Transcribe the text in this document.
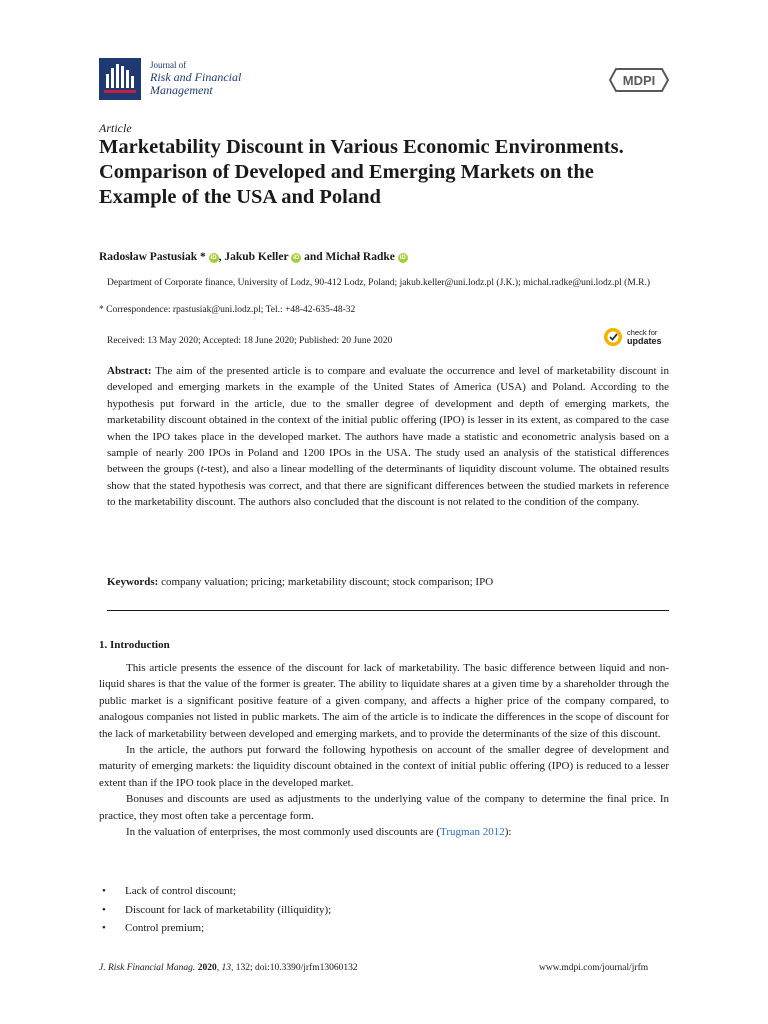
Journal of
Risk and Financial
Management
MDPI
Article
Marketability Discount in Various Economic Environments. Comparison of Developed and Emerging Markets on the Example of the USA and Poland
Radosław Pastusiak * iD , Jakub Keller iD and Michał Radke iD
Department of Corporate finance, University of Lodz, 90-412 Lodz, Poland; jakub.keller@uni.lodz.pl (J.K.); michal.radke@uni.lodz.pl (M.R.)
* Correspondence: rpastusiak@uni.lodz.pl; Tel.: +48-42-635-48-32
Received: 13 May 2020; Accepted: 18 June 2020; Published: 20 June 2020
check for
updates
Abstract: The aim of the presented article is to compare and evaluate the occurrence and level of marketability discount in developed and emerging markets in the example of the United States of America (USA) and Poland. According to the hypothesis put forward in the article, due to the smaller degree of development and depth of emerging markets, the marketability discount obtained in the context of the initial public offering (IPO) is lesser in its extent, as compared to the case when the IPO takes place in the developed market. The authors have made a statistic and econometric analysis based on a sample of nearly 200 IPOs in Poland and 1200 IPOs in the USA. The study used an analysis of the statistical differences between the groups (t-test), and also a linear modelling of the determinants of liquidity discount volume. The obtained results show that the stated hypothesis was correct, and that there are significant differences between the studied markets in reference to the marketability discount. The authors also concluded that the discount is not related to the condition of the company.
Keywords: company valuation; pricing; marketability discount; stock comparison; IPO
1. Introduction

This article presents the essence of the discount for lack of marketability. The basic difference between liquid and non-liquid shares is that the value of the former is greater. The ability to liquidate shares at a given time by a shareholder through the public market is a significant positive feature of a given company, and affects a higher price of the company compared, to analogous companies not listed in public markets. The aim of the article is to indicate the differences in the scope of discount for the lack of marketability between developed and emerging markets, and to provide the determinants of the size of this discount.

In the article, the authors put forward the following hypothesis on account of the smaller degree of development and maturity of emerging markets: the liquidity discount obtained in the context of initial public offering (IPO) is reduced to a lesser extent than if the IPO took place in the developed market.

Bonuses and discounts are used as adjustments to the underlying value of the company to determine the final price. In practice, they most often take a percentage form.

In the valuation of enterprises, the most commonly used discounts are (Trugman 2012):

• Lack of control discount;
• Discount for lack of marketability (illiquidity);
• Control premium;
J. Risk Financial Manag. 2020, 13, 132; doi:10.3390/jrfm13060132	www.mdpi.com/journal/jrfm
